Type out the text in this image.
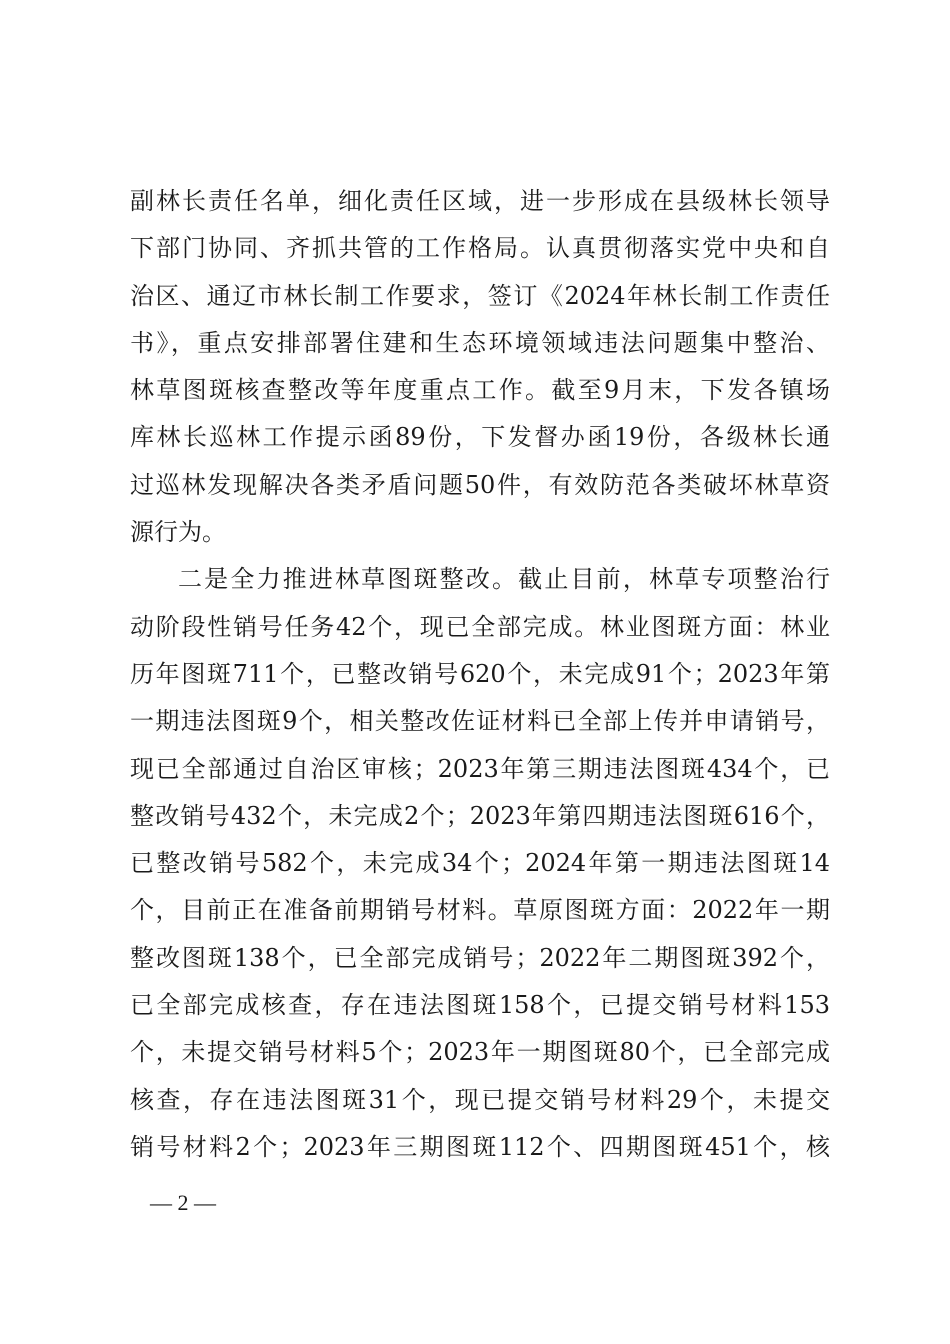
副林长责任名单，细化责任区域，进一步形成在县级林长领导
下部门协同、齐抓共管的工作格局。认真贯彻落实党中央和自
治区、通辽市林长制工作要求，签订《2024年林长制工作责任
书》，重点安排部署住建和生态环境领域违法问题集中整治、
林草图斑核查整改等年度重点工作。截至9月末，下发各镇场
库林长巡林工作提示函89份，下发督办函19份，各级林长通
过巡林发现解决各类矛盾问题50件，有效防范各类破坏林草资
源行为。
二是全力推进林草图斑整改。截止目前，林草专项整治行
动阶段性销号任务42个，现已全部完成。林业图斑方面：林业
历年图斑711个，已整改销号620个，未完成91个；2023年第
一期违法图斑9个，相关整改佐证材料已全部上传并申请销号，
现已全部通过自治区审核；2023年第三期违法图斑434个，已
整改销号432个，未完成2个；2023年第四期违法图斑616个，
已整改销号582个，未完成34个；2024年第一期违法图斑14
个，目前正在准备前期销号材料。草原图斑方面：2022年一期
整改图斑138个，已全部完成销号；2022年二期图斑392个，
已全部完成核查，存在违法图斑158个，已提交销号材料153
个，未提交销号材料5个；2023年一期图斑80个，已全部完成
核查，存在违法图斑31个，现已提交销号材料29个，未提交
销号材料2个；2023年三期图斑112个、四期图斑451个，核
— 2 —
